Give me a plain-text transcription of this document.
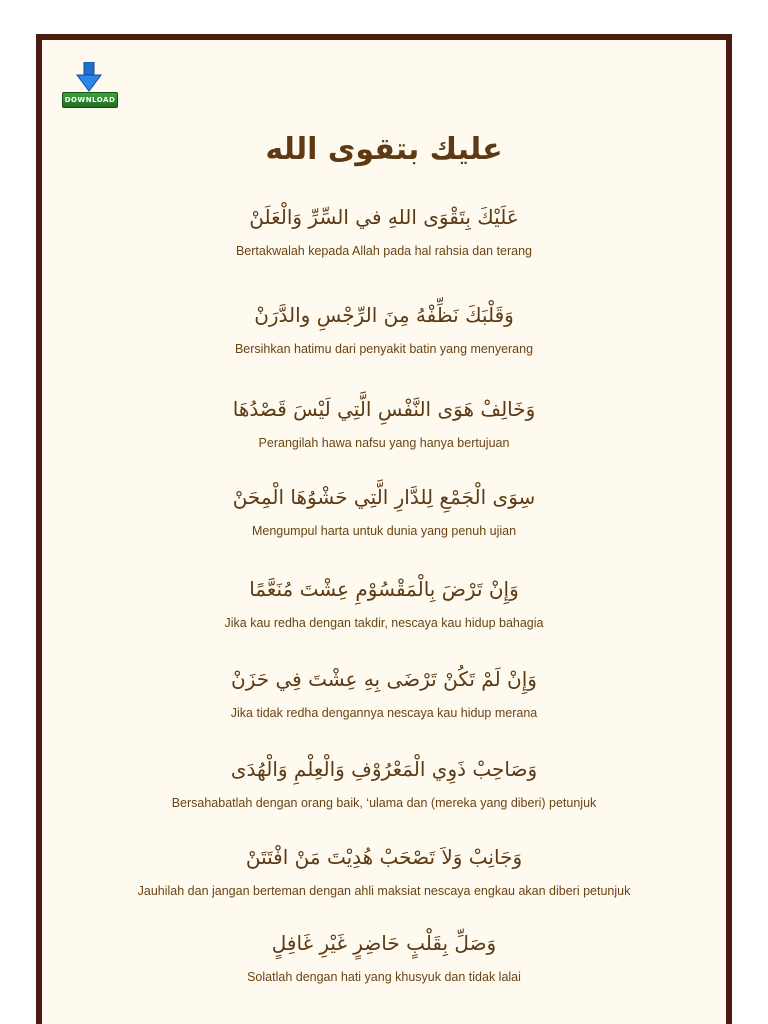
DOWNLOAD
عليك بتقوى الله
عَلَيْكَ بِتَقْوَى اللهِ في السِّرِّ وَالْعَلَنْ
Bertakwalah kepada Allah pada hal rahsia dan terang
وَقَلْبَكَ نَظِّفْهُ مِنَ الرِّجْسِ والدَّرَنْ
Bersihkan hatimu dari penyakit batin yang menyerang
وَخَالِفْ هَوَى النَّفْسِ الَّتِي لَيْسَ قَصْدُهَا
Perangilah hawa nafsu yang hanya bertujuan
سِوَى الْجَمْعِ لِلدَّارِ الَّتِي حَشْوُهَا الْمِحَنْ
Mengumpul harta untuk dunia yang penuh ujian
وَإِنْ تَرْضَ بِالْمَقْسُوْمِ عِشْتَ مُنَعَّمًا
Jika kau redha dengan takdir, nescaya kau hidup bahagia
وَإِنْ لَمْ تَكُنْ تَرْضَى بِهِ عِشْتَ فِي حَزَنْ
Jika tidak redha dengannya nescaya kau hidup merana
وَصَاحِبْ ذَوِي الْمَعْرُوْفِ وَالْعِلْمِ وَالْهُدَى
Bersahabatlah dengan orang baik, ‘ulama dan (mereka yang diberi) petunjuk
وَجَانِبْ وَلاَ تَصْحَبْ هُدِيْتَ مَنْ افْتَتَنْ
Jauhilah dan jangan berteman dengan ahli maksiat nescaya engkau akan diberi petunjuk
وَصَلِّ بِقَلْبٍ حَاضِرٍ غَيْرِ غَافِلٍ
Solatlah dengan hati yang khusyuk dan tidak lalai
